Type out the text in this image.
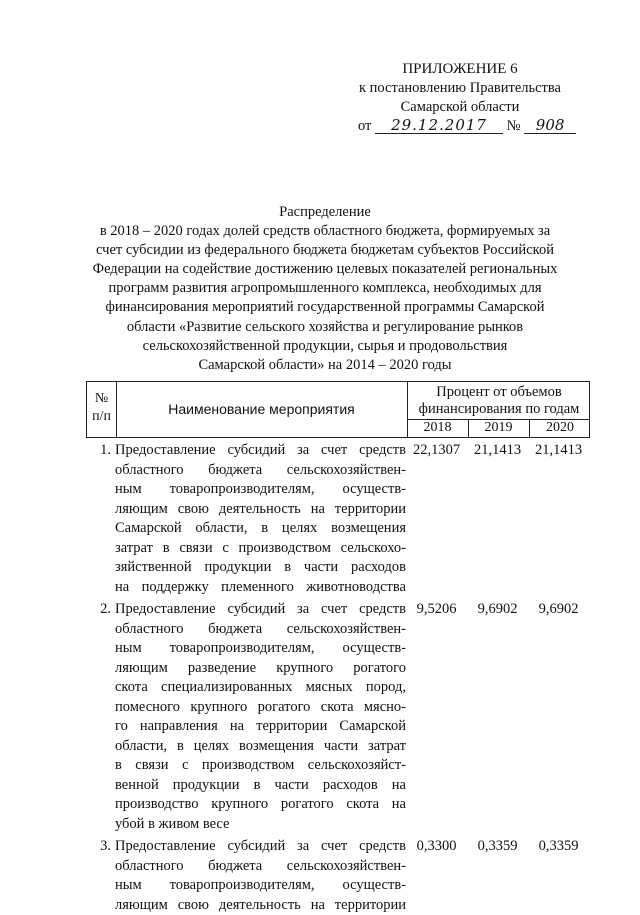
ПРИЛОЖЕНИЕ 6
к постановлению Правительства
Самарской области
от 29.12.2017 № 908
Распределение
в 2018 – 2020 годах долей средств областного бюджета, формируемых за
счет субсидии из федерального бюджета бюджетам субъектов Российской
Федерации на содействие достижению целевых показателей региональных
программ развития агропромышленного комплекса, необходимых для
финансирования мероприятий государственной программы Самарской
области «Развитие сельского хозяйства и регулирование рынков
сельскохозяйственной продукции, сырья и продовольствия
Самарской области» на 2014 – 2020 годы
№
п/п	Наименование мероприятия
Процент от объемов
финансирования по годам
2018	2019	2020
1. Предоставление субсидий за счет средств
областного бюджета сельскохозяйствен-
ным товаропроизводителям, осуществ-
ляющим свою деятельность на территории
Самарской области, в целях возмещения
затрат в связи с производством сельскохо-
зяйственной продукции в части расходов
на поддержку племенного животноводства
22,1307 21,1413 21,1413
2. Предоставление субсидий за счет средств
областного бюджета сельскохозяйствен-
ным товаропроизводителям, осуществ-
ляющим разведение крупного рогатого
скота специализированных мясных пород,
помесного крупного рогатого скота мясно-
го направления на территории Самарской
области, в целях возмещения части затрат
в связи с производством сельскохозяйст-
венной продукции в части расходов на
производство крупного рогатого скота на
убой в живом весе
9,5206	9,6902	9,6902
3. Предоставление субсидий за счет средств
областного бюджета сельскохозяйствен-
ным товаропроизводителям, осуществ-
ляющим свою деятельность на территории
0,3300	0,3359	0,3359
